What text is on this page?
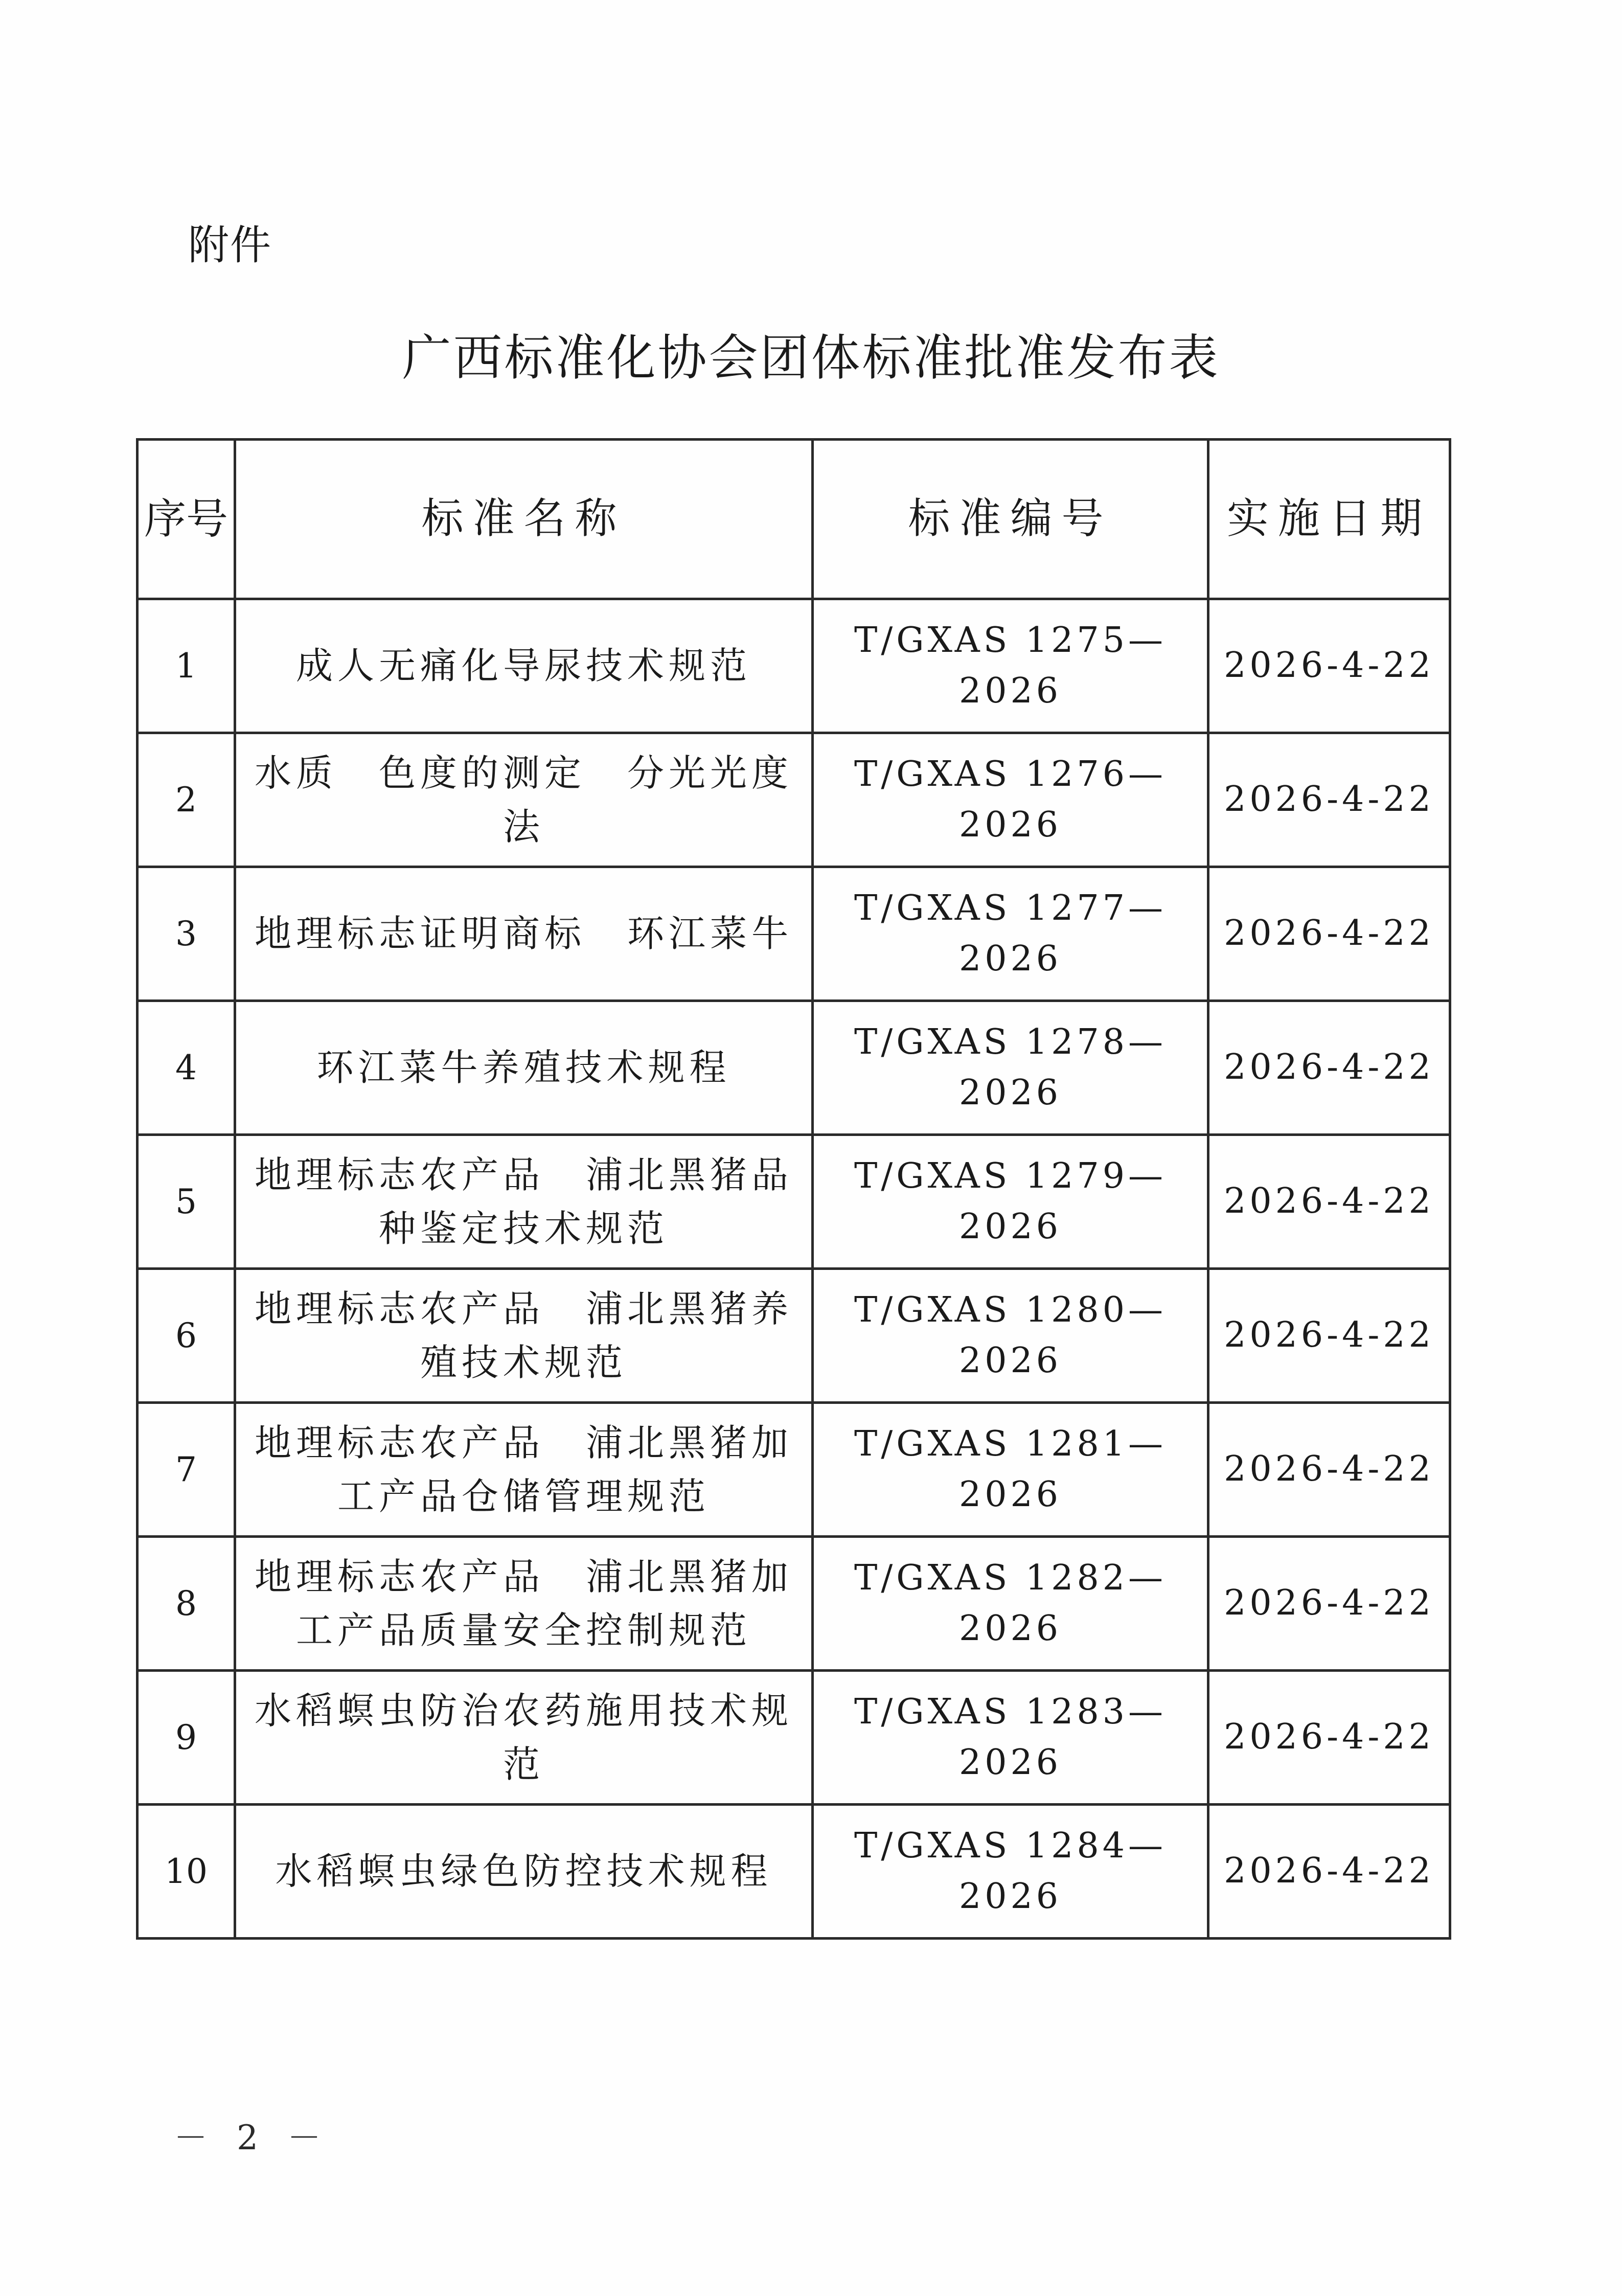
附件
广西标准化协会团体标准批准发布表
序号	标准名称	标准编号	实施日期
1	成人无痛化导尿技术规范	T/GXAS 1275—2026	2026-4-22
2	水质　色度的测定　分光光度法	T/GXAS 1276—2026	2026-4-22
3	地理标志证明商标　环江菜牛	T/GXAS 1277—2026	2026-4-22
4	环江菜牛养殖技术规程	T/GXAS 1278—2026	2026-4-22
5	地理标志农产品　浦北黑猪品种鉴定技术规范	T/GXAS 1279—2026	2026-4-22
6	地理标志农产品　浦北黑猪养殖技术规范	T/GXAS 1280—2026	2026-4-22
7	地理标志农产品　浦北黑猪加工产品仓储管理规范	T/GXAS 1281—2026	2026-4-22
8	地理标志农产品　浦北黑猪加工产品质量安全控制规范	T/GXAS 1282—2026	2026-4-22
9	水稻螟虫防治农药施用技术规范	T/GXAS 1283—2026	2026-4-22
10	水稻螟虫绿色防控技术规程	T/GXAS 1284—2026	2026-4-22
－ 2 －
